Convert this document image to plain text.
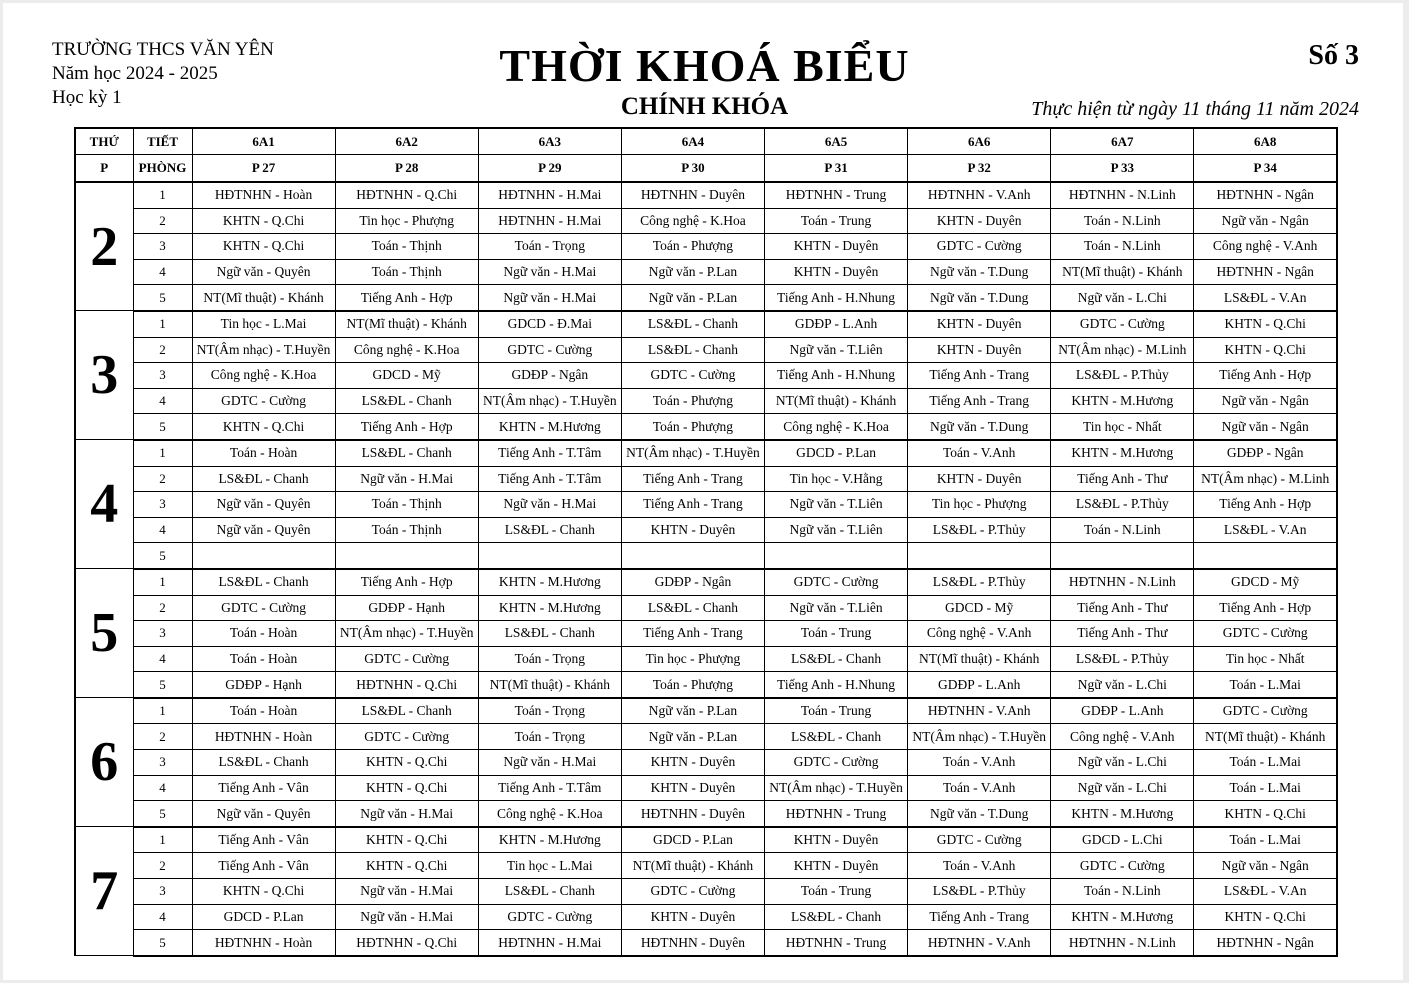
TRƯỜNG THCS VĂN YÊN
Năm học 2024 - 2025
Học kỳ 1
THỜI KHOÁ BIỂU
CHÍNH KHÓA
Số 3
Thực hiện từ ngày 11 tháng 11 năm 2024
THỨ	TIẾT	6A1	6A2	6A3	6A4	6A5	6A6	6A7	6A8
P	PHÒNG	P 27	P 28	P 29	P 30	P 31	P 32	P 33	P 34
2	1	HĐTNHN - Hoàn	HĐTNHN - Q.Chi	HĐTNHN - H.Mai	HĐTNHN - Duyên	HĐTNHN - Trung	HĐTNHN - V.Anh	HĐTNHN - N.Linh	HĐTNHN - Ngân
	2	KHTN - Q.Chi	Tin học - Phượng	HĐTNHN - H.Mai	Công nghệ - K.Hoa	Toán - Trung	KHTN - Duyên	Toán - N.Linh	Ngữ văn - Ngân
	3	KHTN - Q.Chi	Toán - Thịnh	Toán - Trọng	Toán - Phượng	KHTN - Duyên	GDTC - Cường	Toán - N.Linh	Công nghệ - V.Anh
	4	Ngữ văn - Quyên	Toán - Thịnh	Ngữ văn - H.Mai	Ngữ văn - P.Lan	KHTN - Duyên	Ngữ văn - T.Dung	NT(Mĩ thuật) - Khánh	HĐTNHN - Ngân
	5	NT(Mĩ thuật) - Khánh	Tiếng Anh - Hợp	Ngữ văn - H.Mai	Ngữ văn - P.Lan	Tiếng Anh - H.Nhung	Ngữ văn - T.Dung	Ngữ văn - L.Chi	LS&ĐL - V.An
3	1	Tin học - L.Mai	NT(Mĩ thuật) - Khánh	GDCD - Đ.Mai	LS&ĐL - Chanh	GDĐP - L.Anh	KHTN - Duyên	GDTC - Cường	KHTN - Q.Chi
	2	NT(Âm nhạc) - T.Huyền	Công nghệ - K.Hoa	GDTC - Cường	LS&ĐL - Chanh	Ngữ văn - T.Liên	KHTN - Duyên	NT(Âm nhạc) - M.Linh	KHTN - Q.Chi
	3	Công nghệ - K.Hoa	GDCD - Mỹ	GDĐP - Ngân	GDTC - Cường	Tiếng Anh - H.Nhung	Tiếng Anh - Trang	LS&ĐL - P.Thủy	Tiếng Anh - Hợp
	4	GDTC - Cường	LS&ĐL - Chanh	NT(Âm nhạc) - T.Huyền	Toán - Phượng	NT(Mĩ thuật) - Khánh	Tiếng Anh - Trang	KHTN - M.Hương	Ngữ văn - Ngân
	5	KHTN - Q.Chi	Tiếng Anh - Hợp	KHTN - M.Hương	Toán - Phượng	Công nghệ - K.Hoa	Ngữ văn - T.Dung	Tin học - Nhất	Ngữ văn - Ngân
4	1	Toán - Hoàn	LS&ĐL - Chanh	Tiếng Anh - T.Tâm	NT(Âm nhạc) - T.Huyền	GDCD - P.Lan	Toán - V.Anh	KHTN - M.Hương	GDĐP - Ngân
	2	LS&ĐL - Chanh	Ngữ văn - H.Mai	Tiếng Anh - T.Tâm	Tiếng Anh - Trang	Tin học - V.Hằng	KHTN - Duyên	Tiếng Anh - Thư	NT(Âm nhạc) - M.Linh
	3	Ngữ văn - Quyên	Toán - Thịnh	Ngữ văn - H.Mai	Tiếng Anh - Trang	Ngữ văn - T.Liên	Tin học - Phượng	LS&ĐL - P.Thủy	Tiếng Anh - Hợp
	4	Ngữ văn - Quyên	Toán - Thịnh	LS&ĐL - Chanh	KHTN - Duyên	Ngữ văn - T.Liên	LS&ĐL - P.Thủy	Toán - N.Linh	LS&ĐL - V.An
	5								
5	1	LS&ĐL - Chanh	Tiếng Anh - Hợp	KHTN - M.Hương	GDĐP - Ngân	GDTC - Cường	LS&ĐL - P.Thủy	HĐTNHN - N.Linh	GDCD - Mỹ
	2	GDTC - Cường	GDĐP - Hạnh	KHTN - M.Hương	LS&ĐL - Chanh	Ngữ văn - T.Liên	GDCD - Mỹ	Tiếng Anh - Thư	Tiếng Anh - Hợp
	3	Toán - Hoàn	NT(Âm nhạc) - T.Huyền	LS&ĐL - Chanh	Tiếng Anh - Trang	Toán - Trung	Công nghệ - V.Anh	Tiếng Anh - Thư	GDTC - Cường
	4	Toán - Hoàn	GDTC - Cường	Toán - Trọng	Tin học - Phượng	LS&ĐL - Chanh	NT(Mĩ thuật) - Khánh	LS&ĐL - P.Thủy	Tin học - Nhất
	5	GDĐP - Hạnh	HĐTNHN - Q.Chi	NT(Mĩ thuật) - Khánh	Toán - Phượng	Tiếng Anh - H.Nhung	GDĐP - L.Anh	Ngữ văn - L.Chi	Toán - L.Mai
6	1	Toán - Hoàn	LS&ĐL - Chanh	Toán - Trọng	Ngữ văn - P.Lan	Toán - Trung	HĐTNHN - V.Anh	GDĐP - L.Anh	GDTC - Cường
	2	HĐTNHN - Hoàn	GDTC - Cường	Toán - Trọng	Ngữ văn - P.Lan	LS&ĐL - Chanh	NT(Âm nhạc) - T.Huyền	Công nghệ - V.Anh	NT(Mĩ thuật) - Khánh
	3	LS&ĐL - Chanh	KHTN - Q.Chi	Ngữ văn - H.Mai	KHTN - Duyên	GDTC - Cường	Toán - V.Anh	Ngữ văn - L.Chi	Toán - L.Mai
	4	Tiếng Anh - Vân	KHTN - Q.Chi	Tiếng Anh - T.Tâm	KHTN - Duyên	NT(Âm nhạc) - T.Huyền	Toán - V.Anh	Ngữ văn - L.Chi	Toán - L.Mai
	5	Ngữ văn - Quyên	Ngữ văn - H.Mai	Công nghệ - K.Hoa	HĐTNHN - Duyên	HĐTNHN - Trung	Ngữ văn - T.Dung	KHTN - M.Hương	KHTN - Q.Chi
7	1	Tiếng Anh - Vân	KHTN - Q.Chi	KHTN - M.Hương	GDCD - P.Lan	KHTN - Duyên	GDTC - Cường	GDCD - L.Chi	Toán - L.Mai
	2	Tiếng Anh - Vân	KHTN - Q.Chi	Tin học - L.Mai	NT(Mĩ thuật) - Khánh	KHTN - Duyên	Toán - V.Anh	GDTC - Cường	Ngữ văn - Ngân
	3	KHTN - Q.Chi	Ngữ văn - H.Mai	LS&ĐL - Chanh	GDTC - Cường	Toán - Trung	LS&ĐL - P.Thủy	Toán - N.Linh	LS&ĐL - V.An
	4	GDCD - P.Lan	Ngữ văn - H.Mai	GDTC - Cường	KHTN - Duyên	LS&ĐL - Chanh	Tiếng Anh - Trang	KHTN - M.Hương	KHTN - Q.Chi
	5	HĐTNHN - Hoàn	HĐTNHN - Q.Chi	HĐTNHN - H.Mai	HĐTNHN - Duyên	HĐTNHN - Trung	HĐTNHN - V.Anh	HĐTNHN - N.Linh	HĐTNHN - Ngân
